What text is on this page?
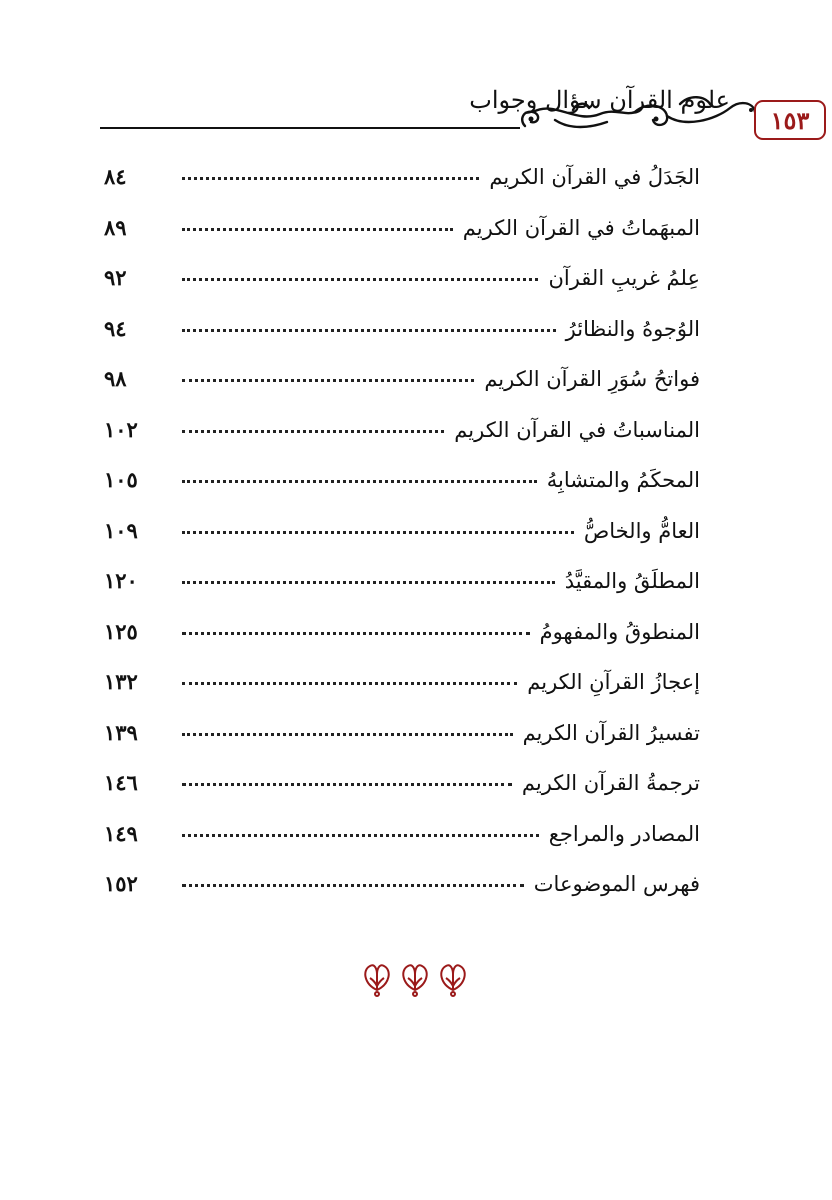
علوم القرآن سؤال وجواب
١٥٣
الجَدَلُ في القرآن الكريم
٨٤
المبهَماتُ في القرآن الكريم
٨٩
عِلمُ غريبِ القرآن
٩٢
الوُجوهُ والنظائرُ
٩٤
فواتحُ سُوَرِ القرآن الكريم
٩٨
المناسباتُ في القرآن الكريم
١٠٢
المحكَمُ والمتشابِهُ
١٠٥
العامُّ والخاصُّ
١٠٩
المطلَقُ والمقيَّدُ
١٢٠
المنطوقُ والمفهومُ
١٢٥
إعجازُ القرآنِ الكريم
١٣٢
تفسيرُ القرآن الكريم
١٣٩
ترجمةُ القرآن الكريم
١٤٦
المصادر والمراجع
١٤٩
فهرس الموضوعات
١٥٢
